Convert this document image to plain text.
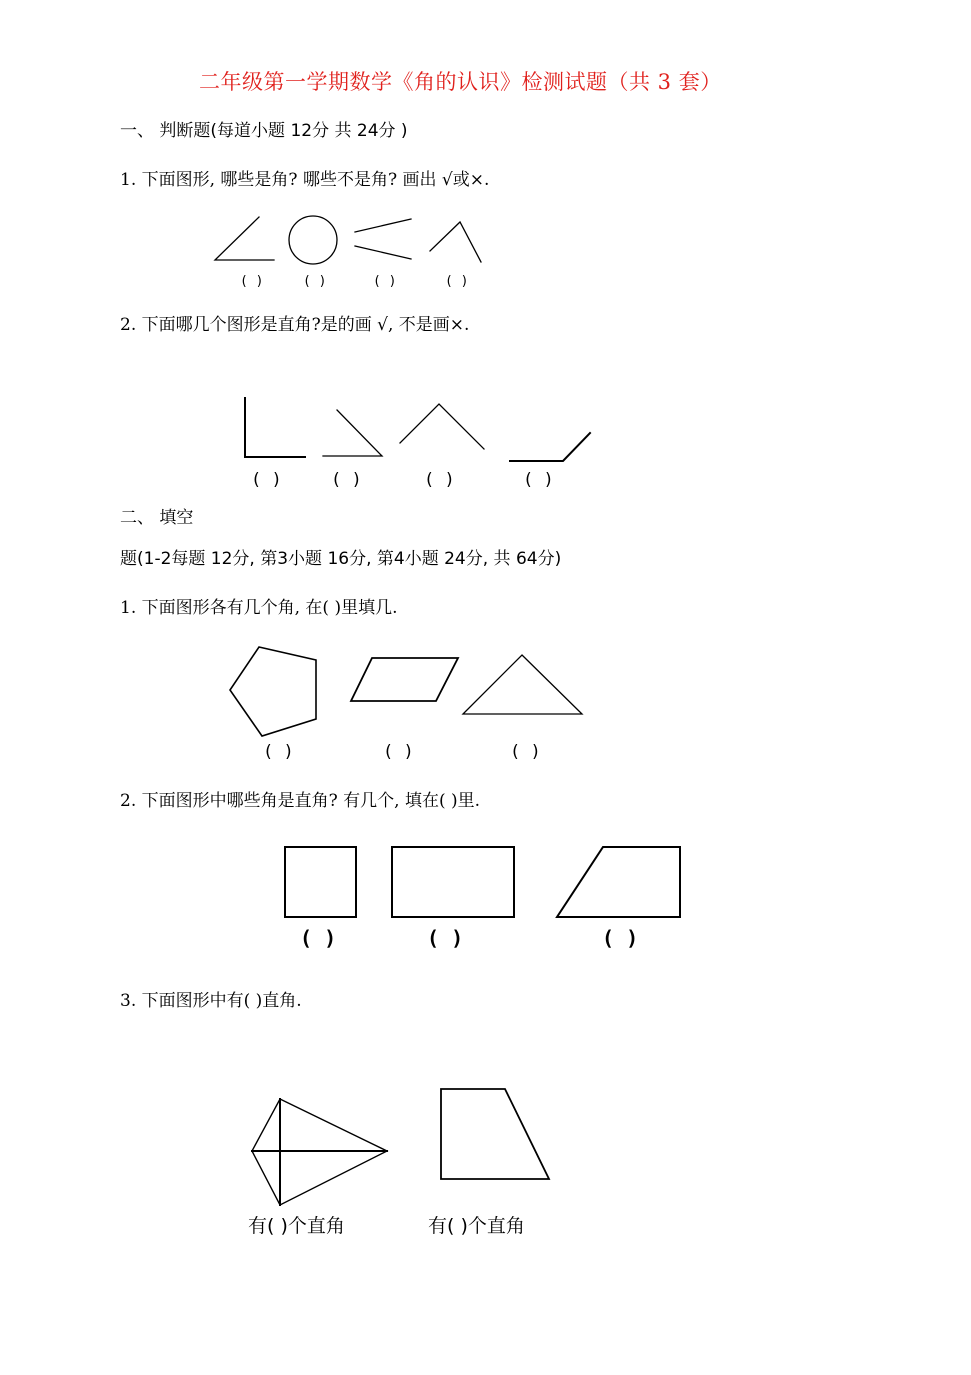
二年级第一学期数学《角的认识》检测试题（共 3 套）
一、 判断题(每道小题 12分 共 24分 )
1. 下面图形, 哪些是角? 哪些不是角? 画出 √或×.
( )	( )	( )	( )
2. 下面哪几个图形是直角?是的画 √, 不是画×.
( )	( )	( )	( )
二、 填空
题(1-2每题 12分, 第3小题 16分, 第4小题 24分, 共 64分)
1. 下面图形各有几个角, 在( )里填几.
( )	( )	( )
2. 下面图形中哪些角是直角? 有几个, 填在( )里.
( )	( )	( )
3. 下面图形中有( )直角.
有( )个直角	有( )个直角
